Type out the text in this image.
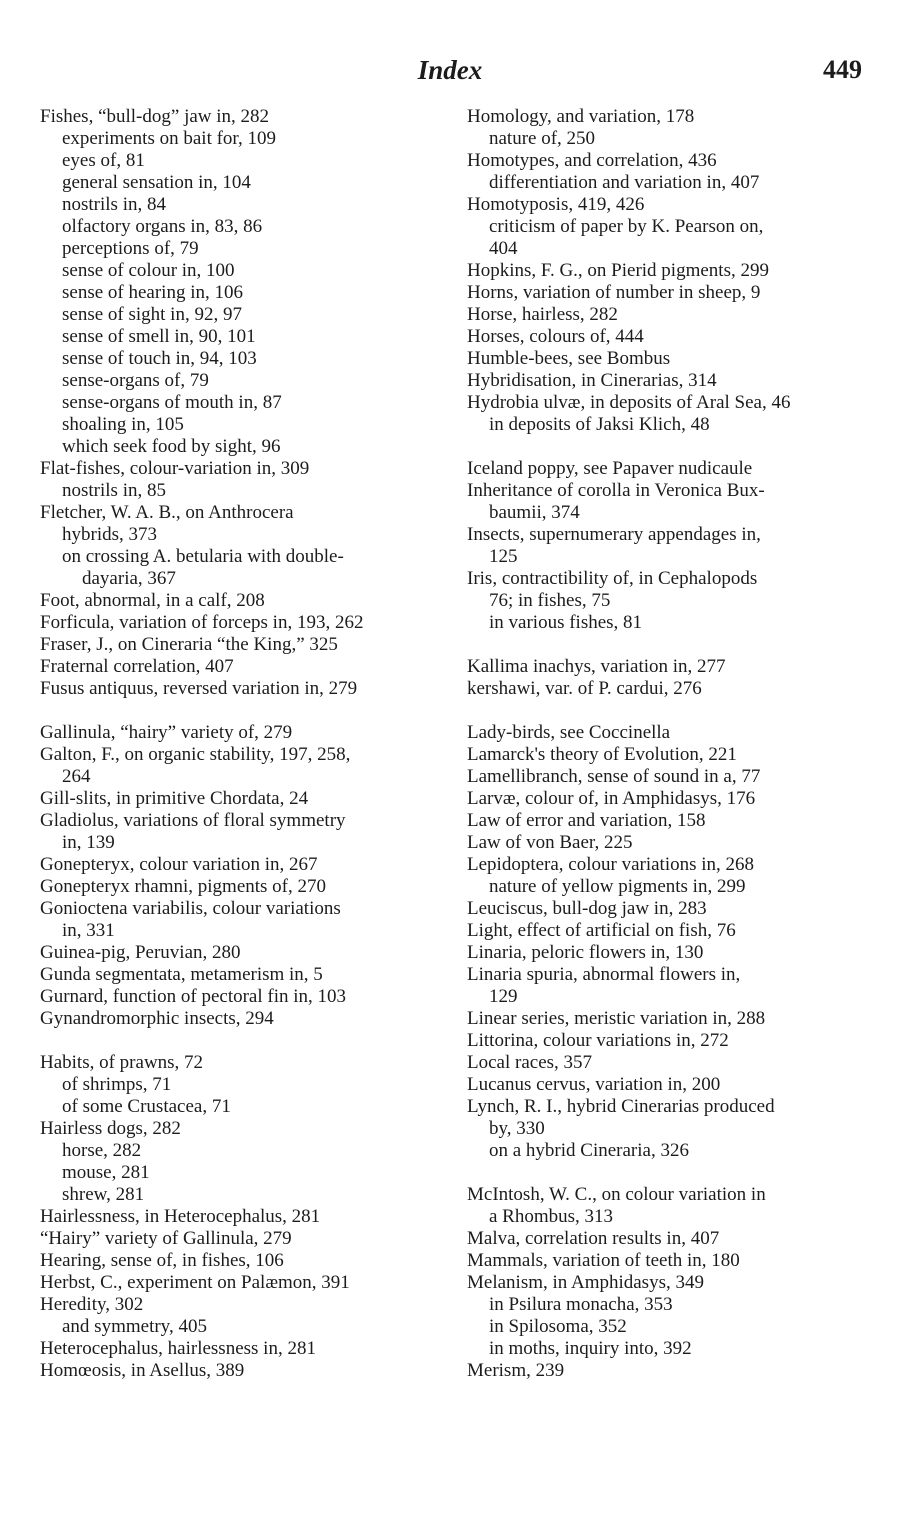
Index	449
Fishes, “bull-dog” jaw in, 282
experiments on bait for, 109
eyes of, 81
general sensation in, 104
nostrils in, 84
olfactory organs in, 83, 86
perceptions of, 79
sense of colour in, 100
sense of hearing in, 106
sense of sight in, 92, 97
sense of smell in, 90, 101
sense of touch in, 94, 103
sense-organs of, 79
sense-organs of mouth in, 87
shoaling in, 105
which seek food by sight, 96
Flat-fishes, colour-variation in, 309
nostrils in, 85
Fletcher, W. A. B., on Anthrocera
hybrids, 373
on crossing A. betularia with double-
dayaria, 367
Foot, abnormal, in a calf, 208
Forficula, variation of forceps in, 193, 262
Fraser, J., on Cineraria “the King,” 325
Fraternal correlation, 407
Fusus antiquus, reversed variation in, 279
Gallinula, “hairy” variety of, 279
Galton, F., on organic stability, 197, 258,
264
Gill-slits, in primitive Chordata, 24
Gladiolus, variations of floral symmetry
in, 139
Gonepteryx, colour variation in, 267
Gonepteryx rhamni, pigments of, 270
Gonioctena variabilis, colour variations
in, 331
Guinea-pig, Peruvian, 280
Gunda segmentata, metamerism in, 5
Gurnard, function of pectoral fin in, 103
Gynandromorphic insects, 294
Habits, of prawns, 72
of shrimps, 71
of some Crustacea, 71
Hairless dogs, 282
horse, 282
mouse, 281
shrew, 281
Hairlessness, in Heterocephalus, 281
“Hairy” variety of Gallinula, 279
Hearing, sense of, in fishes, 106
Herbst, C., experiment on Palæmon, 391
Heredity, 302
and symmetry, 405
Heterocephalus, hairlessness in, 281
Homœosis, in Asellus, 389
Homology, and variation, 178
nature of, 250
Homotypes, and correlation, 436
differentiation and variation in, 407
Homotyposis, 419, 426
criticism of paper by K. Pearson on,
404
Hopkins, F. G., on Pierid pigments, 299
Horns, variation of number in sheep, 9
Horse, hairless, 282
Horses, colours of, 444
Humble-bees, see Bombus
Hybridisation, in Cinerarias, 314
Hydrobia ulvæ, in deposits of Aral Sea, 46
in deposits of Jaksi Klich, 48
Iceland poppy, see Papaver nudicaule
Inheritance of corolla in Veronica Bux-
baumii, 374
Insects, supernumerary appendages in,
125
Iris, contractibility of, in Cephalopods
76; in fishes, 75
in various fishes, 81
Kallima inachys, variation in, 277
kershawi, var. of P. cardui, 276
Lady-birds, see Coccinella
Lamarck's theory of Evolution, 221
Lamellibranch, sense of sound in a, 77
Larvæ, colour of, in Amphidasys, 176
Law of error and variation, 158
Law of von Baer, 225
Lepidoptera, colour variations in, 268
nature of yellow pigments in, 299
Leuciscus, bull-dog jaw in, 283
Light, effect of artificial on fish, 76
Linaria, peloric flowers in, 130
Linaria spuria, abnormal flowers in,
129
Linear series, meristic variation in, 288
Littorina, colour variations in, 272
Local races, 357
Lucanus cervus, variation in, 200
Lynch, R. I., hybrid Cinerarias produced
by, 330
on a hybrid Cineraria, 326
McIntosh, W. C., on colour variation in
a Rhombus, 313
Malva, correlation results in, 407
Mammals, variation of teeth in, 180
Melanism, in Amphidasys, 349
in Psilura monacha, 353
in Spilosoma, 352
in moths, inquiry into, 392
Merism, 239
